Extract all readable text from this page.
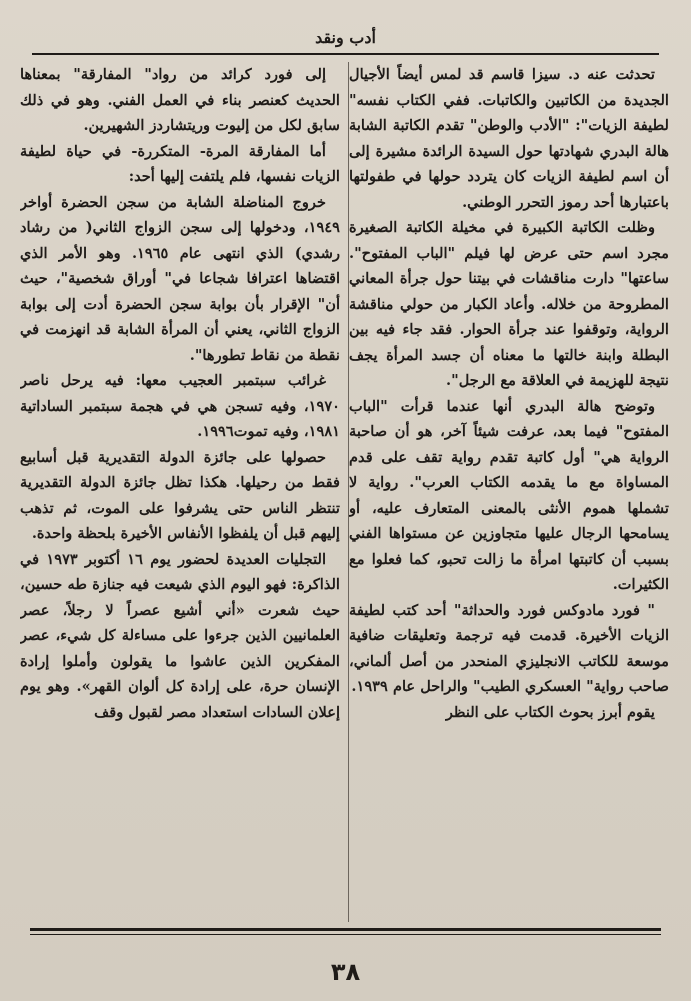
أدب ونقد

تحدثت عنه د. سيزا قاسم قد لمس أيضاً الأجيال الجديدة من الكاتبين والكاتبات. ففي الكتاب نفسه" لطيفة الزيات": "الأدب والوطن" تقدم الكاتبة الشابة هالة البدري شهادتها حول السيدة الرائدة مشيرة إلى أن اسم لطيفة الزيات كان يتردد حولها في طفولتها باعتبارها أحد رموز التحرر الوطني.

وظلت الكاتبة الكبيرة في مخيلة الكاتبة الصغيرة مجرد اسم حتى عرض لها فيلم "الباب المفتوح". ساعتها" دارت مناقشات في بيتنا حول جرأة المعاني المطروحة من خلاله. وأعاد الكبار من حولي مناقشة الرواية، وتوقفوا عند جرأة الحوار. فقد جاء فيه بين البطلة وابنة خالتها ما معناه أن جسد المرأة يجف نتيجة للهزيمة في العلاقة مع الرجل".

وتوضح هالة البدري أنها عندما قرأت "الباب المفتوح" فيما بعد، عرفت شيئاً آخر، هو أن صاحبة الرواية هي" أول كاتبة تقدم رواية تقف على قدم المساواة مع ما يقدمه الكتاب العرب". رواية لا تشملها هموم الأنثى بالمعنى المتعارف عليه، أو يسامحها الرجال عليها متجاوزين عن مستواها الفني بسبب أن كاتبتها امرأة ما زالت تحبو، كما فعلوا مع الكثيرات.

" فورد مادوكس فورد والحداثة" أحد كتب لطيفة الزيات الأخيرة. قدمت فيه ترجمة وتعليقات ضافية موسعة للكاتب الانجليزي المنحدر من أصل ألماني، صاحب رواية" العسكري الطيب" والراحل عام ١٩٣٩.

يقوم أبرز بحوث الكتاب على النظر

إلى فورد كرائد من رواد" المفارقة" بمعناها الحديث كعنصر بناء في العمل الفني. وهو في ذلك سابق لكل من إليوت وريتشاردز الشهيرين.

أما المفارقة المرة- المتكررة- في حياة لطيفة الزيات نفسها، فلم يلتفت إليها أحد:

خروج المناضلة الشابة من سجن الحضرة أواخر ١٩٤٩، ودخولها إلى سجن الزواج الثاني( من رشاد رشدي) الذي انتهى عام ١٩٦٥. وهو الأمر الذي اقتضاها اعترافا شجاعا في" أوراق شخصية"، حيث أن" الإقرار بأن بوابة سجن الحضرة أدت إلى بوابة الزواج الثاني، يعني أن المرأة الشابة قد انهزمت في نقطة من نقاط تطورها".

غرائب سبتمبر العجيب معها: فيه يرحل ناصر ١٩٧٠، وفيه تسجن هي في هجمة سبتمبر الساداتية ١٩٨١، وفيه تموت١٩٩٦.

حصولها على جائزة الدولة التقديرية قبل أسابيع فقط من رحيلها. هكذا تظل جائزة الدولة التقديرية تنتظر الناس حتى يشرفوا على الموت، ثم تذهب إليهم قبل أن يلفظوا الأنفاس الأخيرة بلحظة واحدة.

التجليات العديدة لحضور يوم ١٦ أكتوبر ١٩٧٣ في الذاكرة: فهو اليوم الذي شيعت فيه جنازة طه حسين، حيث شعرت «أني أشيع عصراً لا رجلاً، عصر العلمانيين الذين جرءوا على مساءلة كل شيء، عصر المفكرين الذين عاشوا ما يقولون وأملوا إرادة الإنسان حرة، على إرادة كل ألوان القهر». وهو يوم إعلان السادات استعداد مصر لقبول وقف

٣٨
